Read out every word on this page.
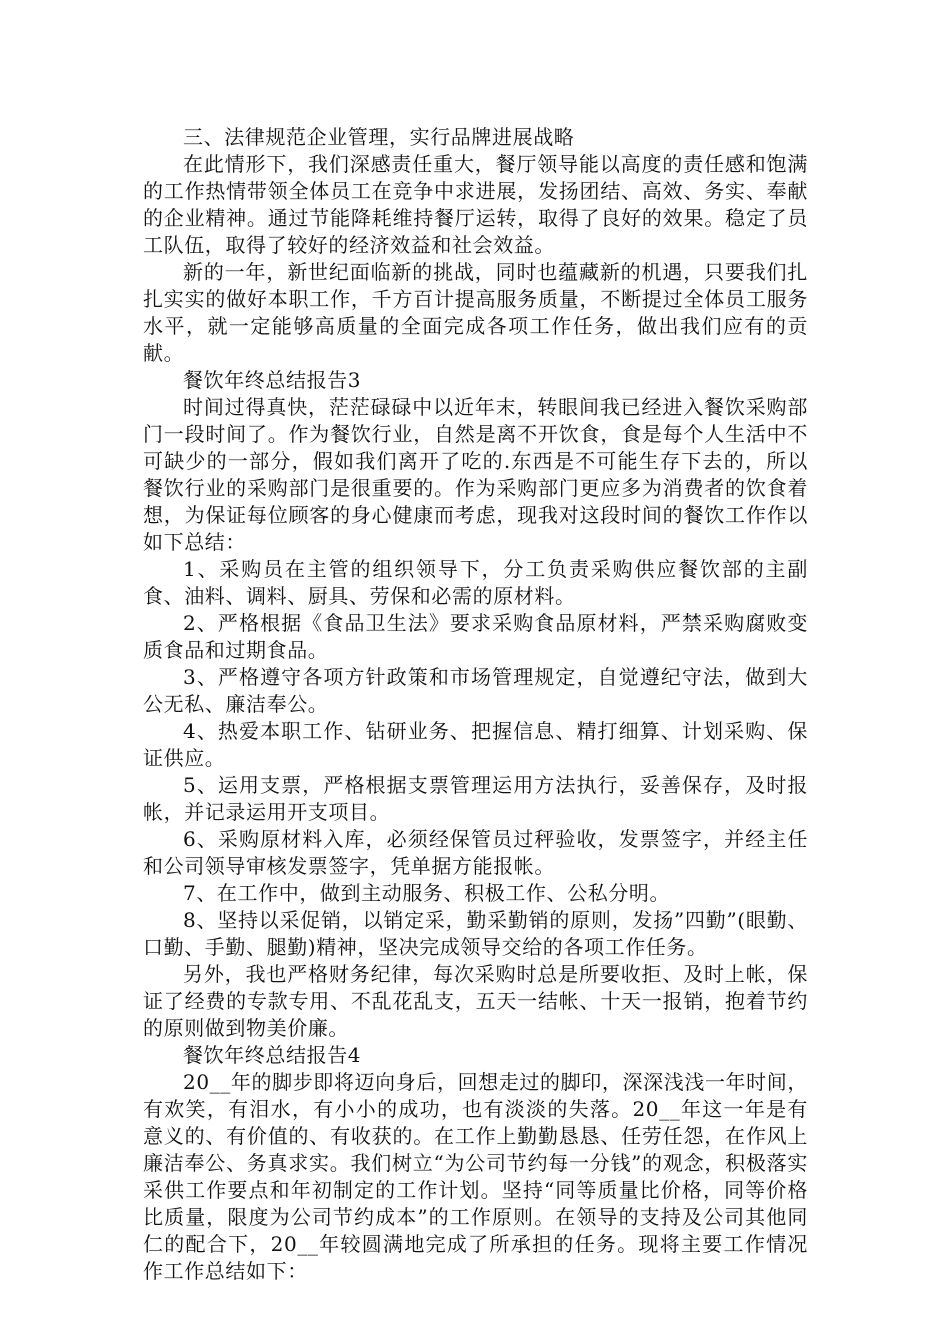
三、法律规范企业管理，实行品牌进展战略

在此情形下，我们深感责任重大，餐厅领导能以高度的责任感和饱满的工作热情带领全体员工在竞争中求进展，发扬团结、高效、务实、奉献的企业精神。通过节能降耗维持餐厅运转，取得了良好的效果。稳定了员工队伍，取得了较好的经济效益和社会效益。

新的一年，新世纪面临新的挑战，同时也蕴藏新的机遇，只要我们扎扎实实的做好本职工作，千方百计提高服务质量，不断提过全体员工服务水平，就一定能够高质量的全面完成各项工作任务，做出我们应有的贡献。

餐饮年终总结报告3

时间过得真快，茫茫碌碌中以近年末，转眼间我已经进入餐饮采购部门一段时间了。作为餐饮行业，自然是离不开饮食，食是每个人生活中不可缺少的一部分，假如我们离开了吃的.东西是不可能生存下去的，所以餐饮行业的采购部门是很重要的。作为采购部门更应多为消费者的饮食着想，为保证每位顾客的身心健康而考虑，现我对这段时间的餐饮工作作以如下总结：

1、采购员在主管的组织领导下，分工负责采购供应餐饮部的主副食、油料、调料、厨具、劳保和必需的原材料。

2、严格根据《食品卫生法》要求采购食品原材料，严禁采购腐败变质食品和过期食品。

3、严格遵守各项方针政策和市场管理规定，自觉遵纪守法，做到大公无私、廉洁奉公。

4、热爱本职工作、钻研业务、把握信息、精打细算、计划采购、保证供应。

5、运用支票，严格根据支票管理运用方法执行，妥善保存，及时报帐，并记录运用开支项目。

6、采购原材料入库，必须经保管员过秤验收，发票签字，并经主任和公司领导审核发票签字，凭单据方能报帐。

7、在工作中，做到主动服务、积极工作、公私分明。

8、坚持以采促销，以销定采，勤采勤销的原则，发扬”四勤”(眼勤、口勤、手勤、腿勤)精神，坚决完成领导交给的各项工作任务。

另外，我也严格财务纪律，每次采购时总是所要收拒、及时上帐，保证了经费的专款专用、不乱花乱支，五天一结帐、十天一报销，抱着节约的原则做到物美价廉。

餐饮年终总结报告4

20__年的脚步即将迈向身后，回想走过的脚印，深深浅浅一年时间，有欢笑，有泪水，有小小的成功，也有淡淡的失落。20__年这一年是有意义的、有价值的、有收获的。在工作上勤勤恳恳、任劳任怨，在作风上廉洁奉公、务真求实。我们树立“为公司节约每一分钱”的观念，积极落实采供工作要点和年初制定的工作计划。坚持“同等质量比价格，同等价格比质量，限度为公司节约成本”的工作原则。在领导的支持及公司其他同仁的配合下，20__年较圆满地完成了所承担的任务。现将主要工作情况作工作总结如下：
